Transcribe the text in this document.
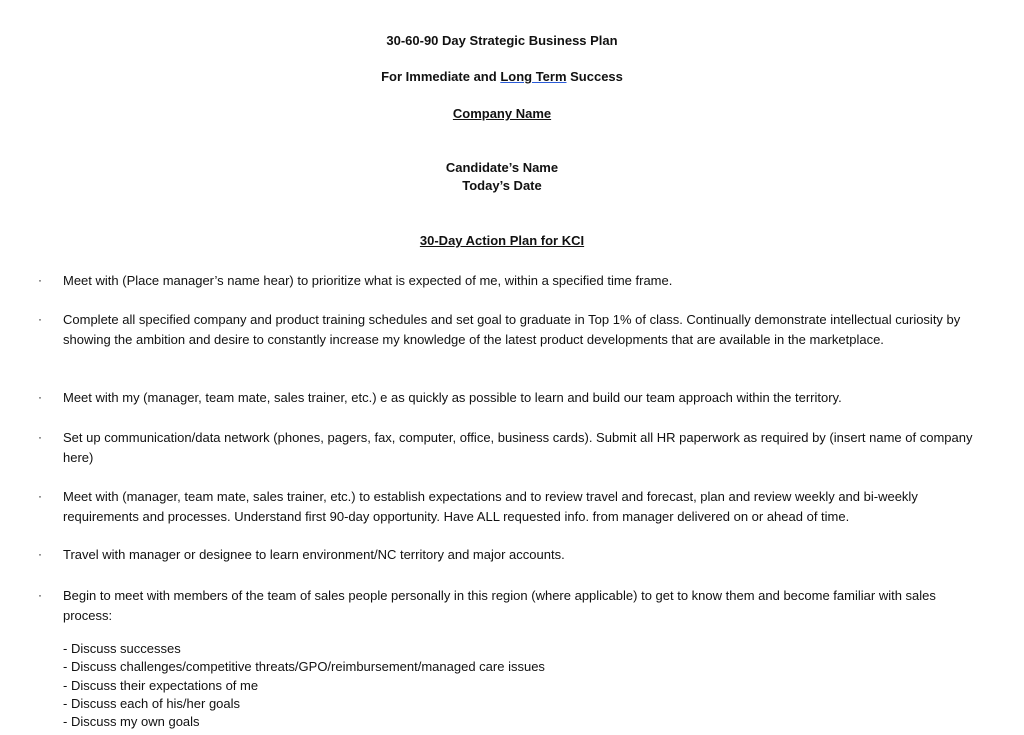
30-60-90 Day Strategic Business Plan
For Immediate and Long Term Success
Company Name
Candidate’s Name
Today’s Date
30-Day Action Plan for KCI
· Meet with (Place manager’s name hear) to prioritize what is expected of me, within a specified time frame.
· Complete all specified company and product training schedules and set goal to graduate in Top 1% of class. Continually demonstrate intellectual curiosity by showing the ambition and desire to constantly increase my knowledge of the latest product developments that are available in the marketplace.
· Meet with my (manager, team mate, sales trainer, etc.) e as quickly as possible to learn and build our team approach within the territory.
· Set up communication/data network (phones, pagers, fax, computer, office, business cards). Submit all HR paperwork as required by (insert name of company here)
· Meet with (manager, team mate, sales trainer, etc.) to establish expectations and to review travel and forecast, plan and review weekly and bi-weekly requirements and processes. Understand first 90-day opportunity. Have ALL requested info. from manager delivered on or ahead of time.
· Travel with manager or designee to learn environment/NC territory and major accounts.
· Begin to meet with members of the team of sales people personally in this region (where applicable) to get to know them and become familiar with sales process:
- Discuss successes
- Discuss challenges/competitive threats/GPO/reimbursement/managed care issues
- Discuss their expectations of me
- Discuss each of his/her goals
- Discuss my own goals
